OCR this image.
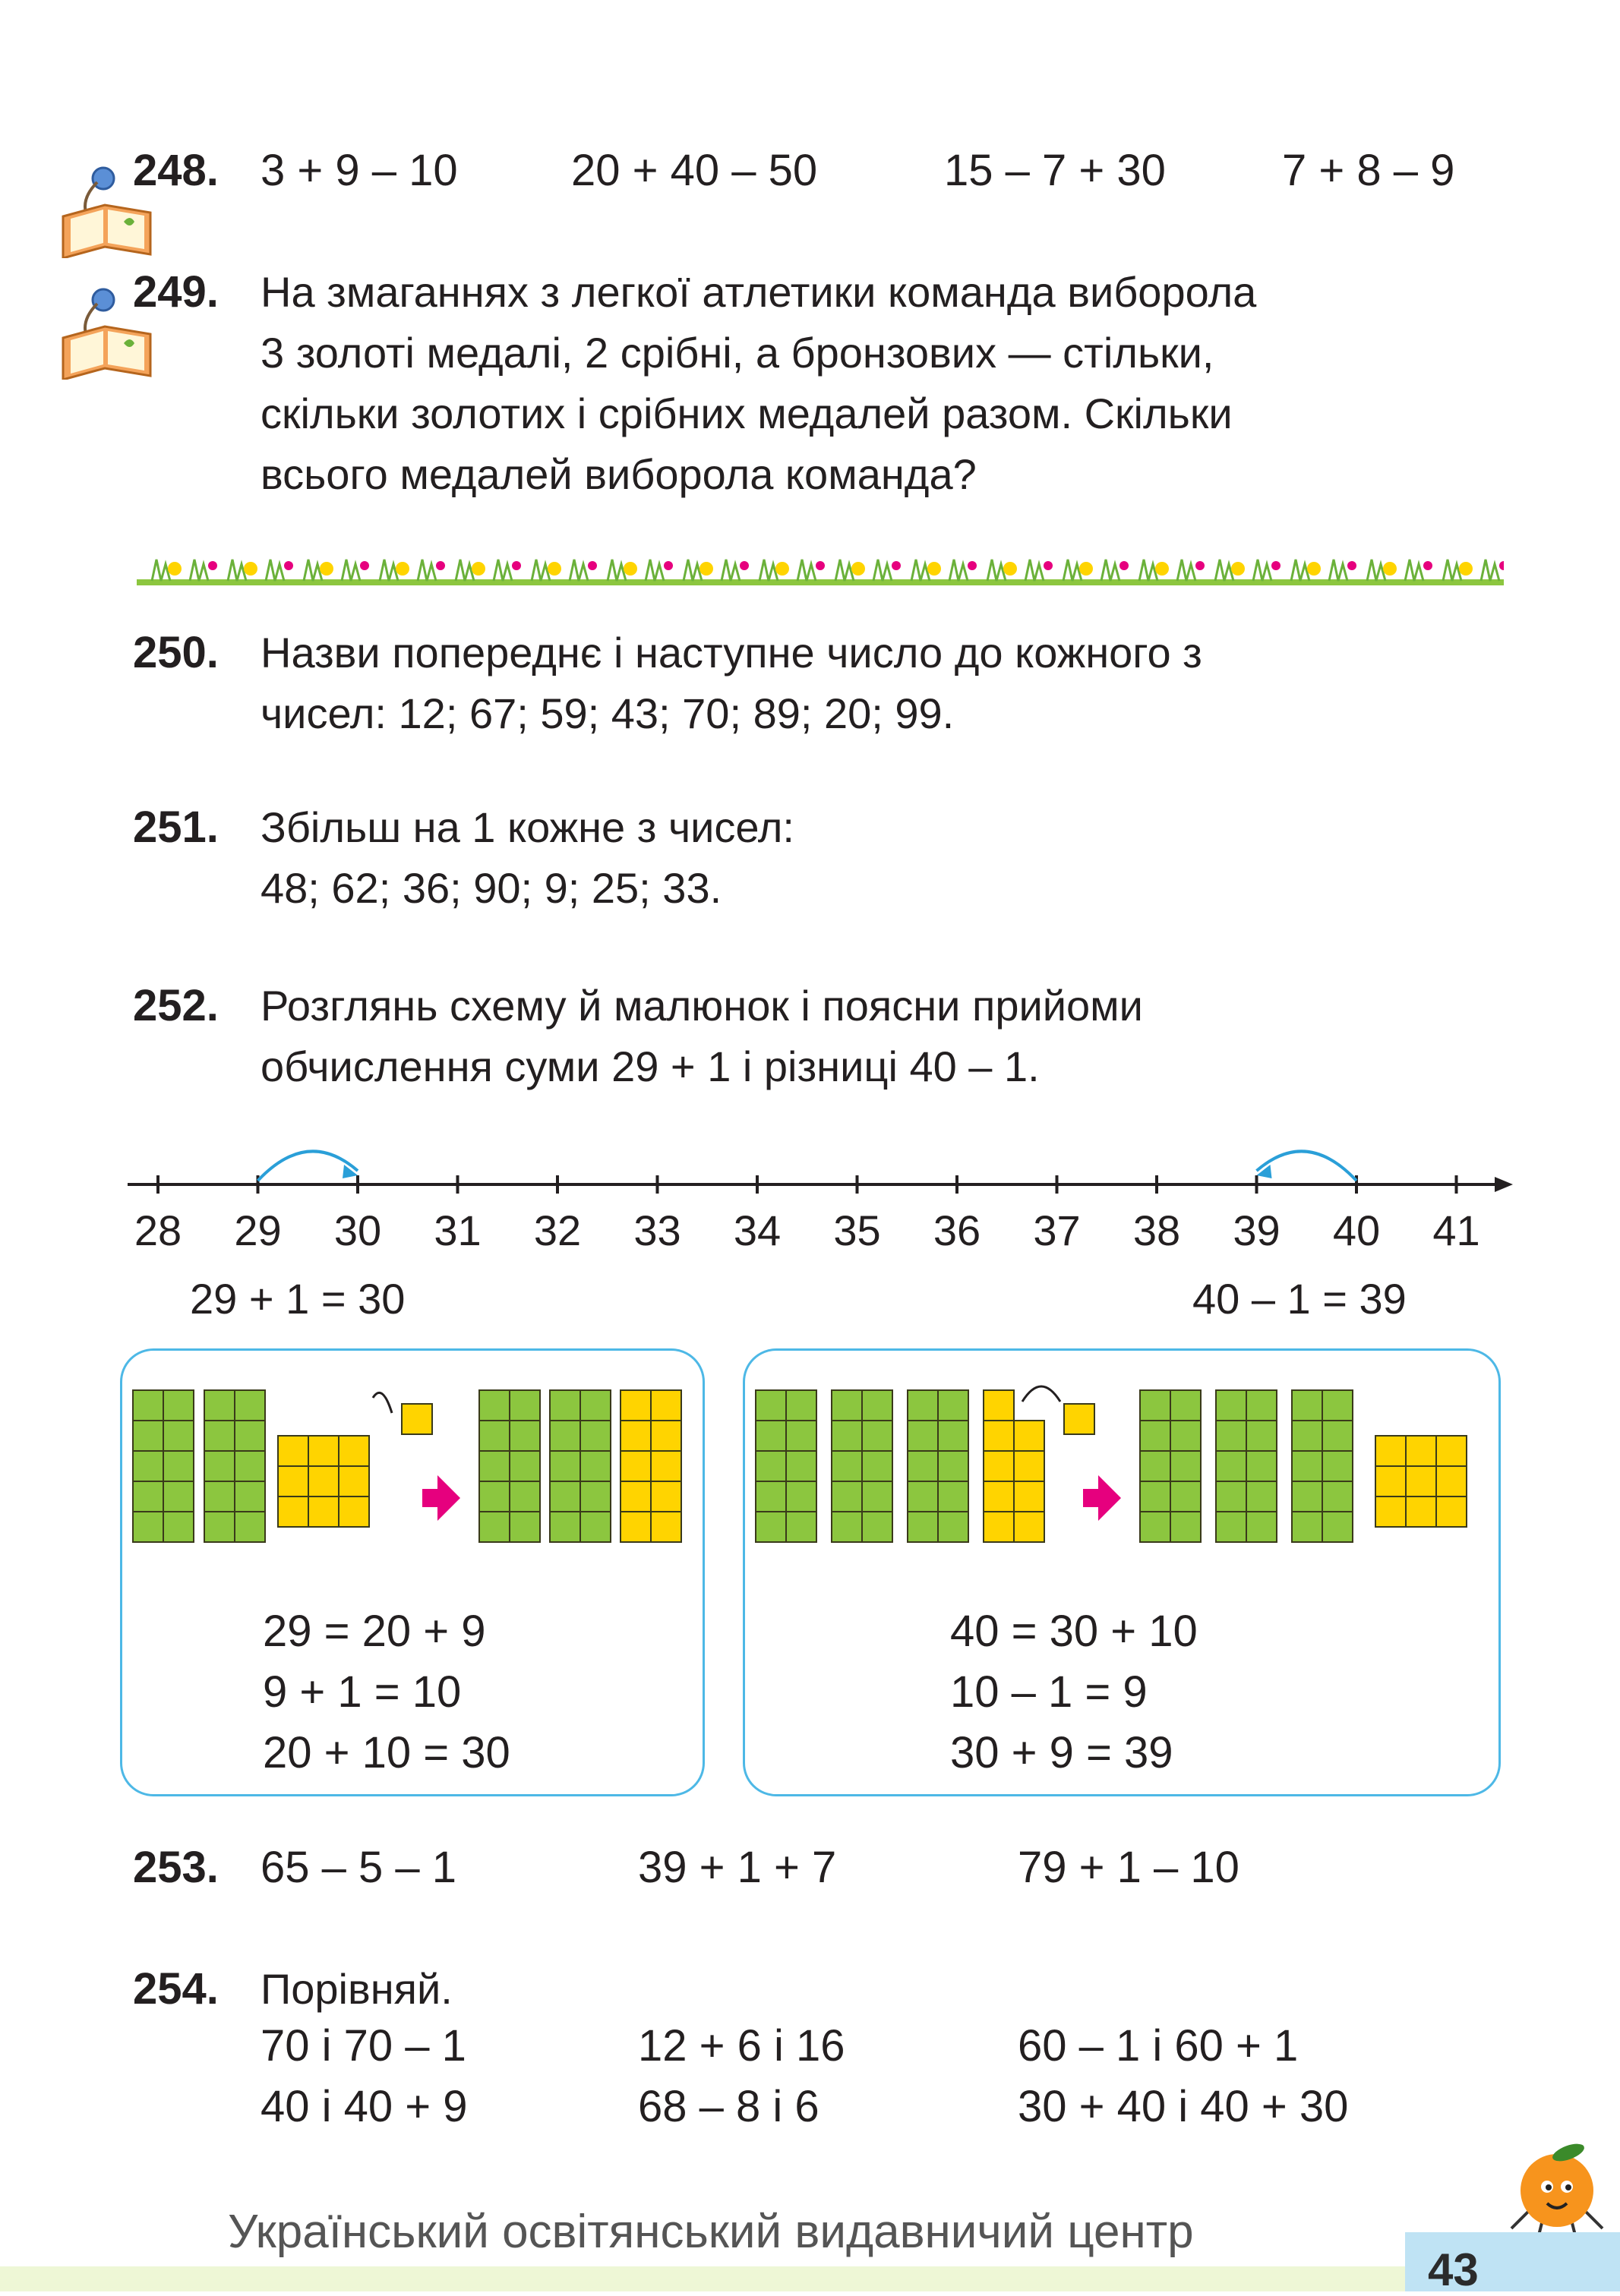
248. 3 + 9 – 10	20 + 40 – 50	15 – 7 + 30	7 + 8 – 9
249. На змаганнях з легкої атлетики команда виборола
3 золоті медалі, 2 срібні, а бронзових — стільки,
скільки золотих і срібних медалей разом. Скільки
всього медалей виборола команда?
250. Назви попереднє і наступне число до кожного з
чисел: 12; 67; 59; 43; 70; 89; 20; 99.
251. Збільш на 1 кожне з чисел:
48; 62; 36; 90; 9; 25; 33.
252. Розглянь схему й малюнок і поясни прийоми
обчислення суми 29 + 1 і різниці 40 – 1.
28 29 30 31 32 33 34 35 36 37 38 39 40 41
29 + 1 = 30	40 – 1 = 39
29 = 20 + 9
9 + 1 = 10
20 + 10 = 30
40 = 30 + 10
10 – 1 = 9
30 + 9 = 39
253. 65 – 5 – 1	39 + 1 + 7	79 + 1 – 10
254. Порівняй.
70 і 70 – 1	12 + 6 і 16	60 – 1 і 60 + 1
40 і 40 + 9	68 – 8 і 6	30 + 40 і 40 + 30
Український освітянський видавничий центр
43
